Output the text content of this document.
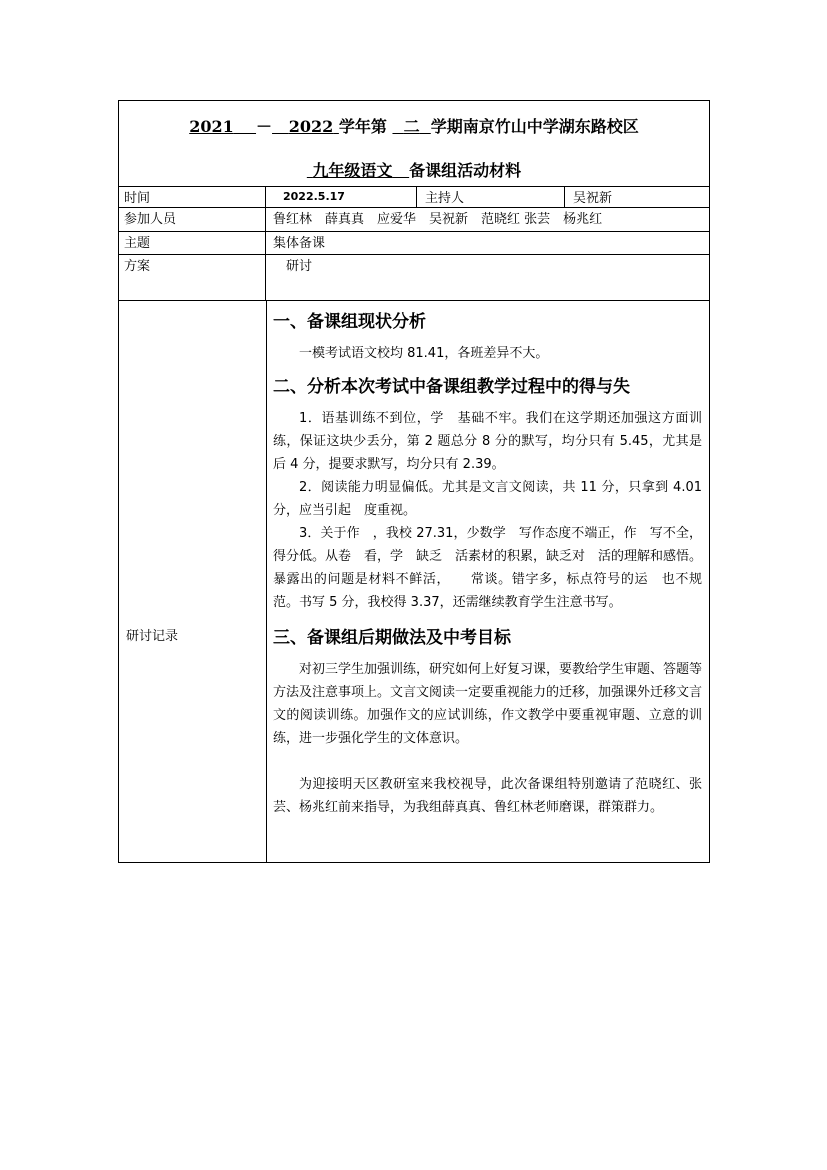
2021 － 2022 学年第 二 学期南京竹山中学湖东路校区
九年级语文 备课组活动材料
时间	2022.5.17	主持人	吴祝新
参加人员	鲁红林　薛真真　应爱华　吴祝新　范晓红 张芸　杨兆红
主题	集体备课
方案	研讨
研讨记录

一、备课组现状分析

一模考试语文校均 81.41，各班差异不大。

二、分析本次考试中备课组教学过程中的得与失

1．语基训练不到位，学　基础不牢。我们在这学期还加强这方面训练，保证这块少丢分，第 2 题总分 8 分的默写，均分只有 5.45，尤其是后 4 分，提要求默写，均分只有 2.39。

2．阅读能力明显偏低。尤其是文言文阅读，共 11 分，只拿到 4.01 分，应当引起　度重视。

3．关于作　，我校 27.31，少数学　写作态度不端正，作　写不全，得分低。从卷　看，学　缺乏　活素材的积累，缺乏对　活的理解和感悟。暴露出的问题是材料不鲜活，　　常谈。错字多，标点符号的运　也不规范。书写 5 分，我校得 3.37，还需继续教育学生注意书写。

三、备课组后期做法及中考目标

对初三学生加强训练，研究如何上好复习课，要教给学生审题、答题等方法及注意事项上。文言文阅读一定要重视能力的迁移，加强课外迁移文言文的阅读训练。加强作文的应试训练，作文教学中要重视审题、立意的训练，进一步强化学生的文体意识。

为迎接明天区教研室来我校视导，此次备课组特别邀请了范晓红、张芸、杨兆红前来指导，为我组薛真真、鲁红林老师磨课，群策群力。
